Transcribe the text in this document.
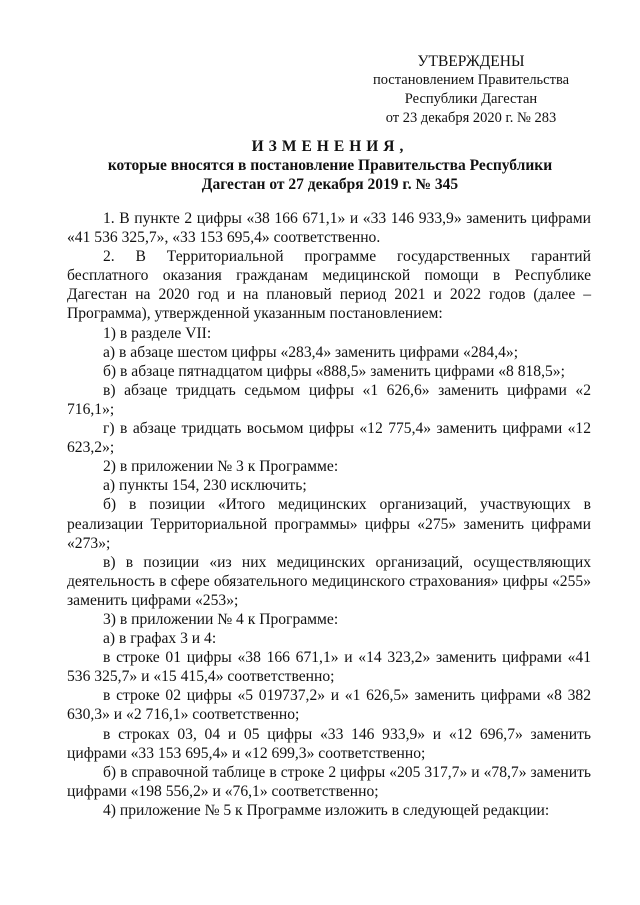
УТВЕРЖДЕНЫ
постановлением Правительства
Республики Дагестан
от 23 декабря 2020 г. № 283
ИЗМЕНЕНИЯ,
которые вносятся в постановление Правительства Республики
Дагестан от 27 декабря 2019 г. № 345

1. В пункте 2 цифры «38 166 671,1» и «33 146 933,9» заменить цифрами «41 536 325,7», «33 153 695,4» соответственно.

2. В Территориальной программе государственных гарантий бесплатного оказания гражданам медицинской помощи в Республике Дагестан на 2020 год и на плановый период 2021 и 2022 годов (далее – Программа), утвержденной указанным постановлением:

1) в разделе VII:

а) в абзаце шестом цифры «283,4» заменить цифрами «284,4»;

б) в абзаце пятнадцатом цифры «888,5» заменить цифрами «8 818,5»;

в) абзаце тридцать седьмом цифры «1 626,6» заменить цифрами «2 716,1»;

г) в абзаце тридцать восьмом цифры «12 775,4» заменить цифрами «12 623,2»;

2) в приложении № 3 к Программе:

а) пункты 154, 230 исключить;

б) в позиции «Итого медицинских организаций, участвующих в реализации Территориальной программы» цифры «275» заменить цифрами «273»;

в) в позиции «из них медицинских организаций, осуществляющих деятельность в сфере обязательного медицинского страхования» цифры «255» заменить цифрами «253»;

3) в приложении № 4 к Программе:

а) в графах 3 и 4:

в строке 01 цифры «38 166 671,1» и «14 323,2» заменить цифрами «41 536 325,7» и «15 415,4» соответственно;

в строке 02 цифры «5 019737,2» и «1 626,5» заменить цифрами «8 382 630,3» и «2 716,1» соответственно;

в строках 03, 04 и 05 цифры «33 146 933,9» и «12 696,7» заменить цифрами «33 153 695,4» и «12 699,3» соответственно;

б) в справочной таблице в строке 2 цифры «205 317,7» и «78,7» заменить цифрами «198 556,2» и «76,1» соответственно;

4) приложение № 5 к Программе изложить в следующей редакции:
